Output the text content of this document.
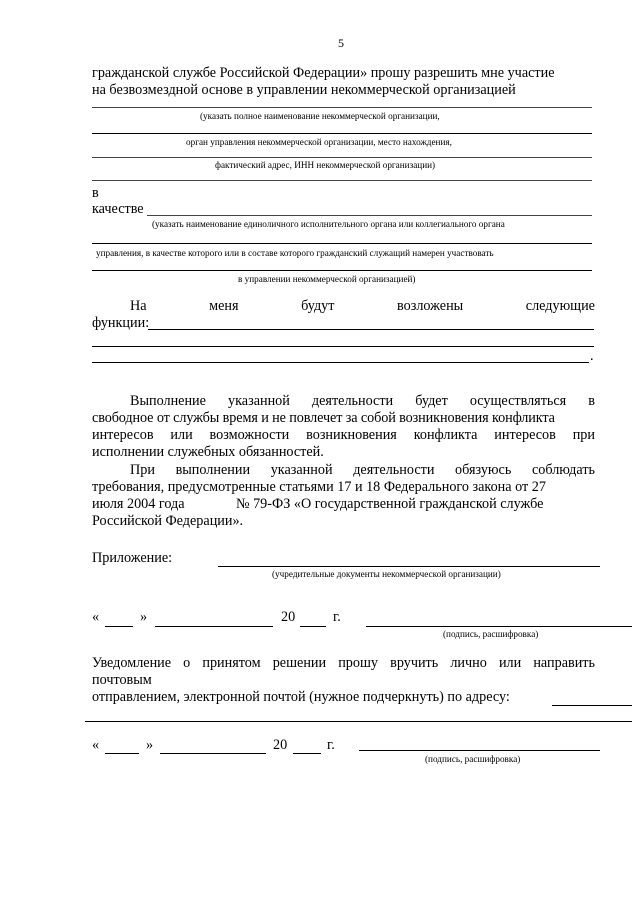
5
гражданской службе Российской Федерации» прошу разрешить мне участие
на безвозмездной основе в управлении некоммерческой организацией
(указать полное наименование некоммерческой организации,
орган управления некоммерческой организации, место нахождения,
фактический адрес, ИНН некоммерческой организации)
в
качестве
(указать наименование единоличного исполнительного органа или коллегиального органа
управления, в качестве которого или в составе которого гражданский служащий намерен участвовать
в управлении некоммерческой организацией)
На	меня	будут	возложены	следующие
функции:
.
Выполнение указанной деятельности будет осуществляться в
свободное от службы время и не повлечет за собой возникновения конфликта
интересов или возможности возникновения конфликта интересов при
исполнении служебных обязанностей.
При выполнении указанной деятельности обязуюсь соблюдать
требования, предусмотренные статьями 17 и 18 Федерального закона от 27
июля 2004 года	№ 79-ФЗ «О государственной гражданской службе
Российской Федерации».
Приложение:
(учредительные документы некоммерческой организации)
«	»	20	г.
(подпись, расшифровка)
Уведомление о принятом решении прошу вручить лично или направить
почтовым
отправлением, электронной почтой (нужное подчеркнуть) по адресу:
«	»	20	г.
(подпись, расшифровка)
